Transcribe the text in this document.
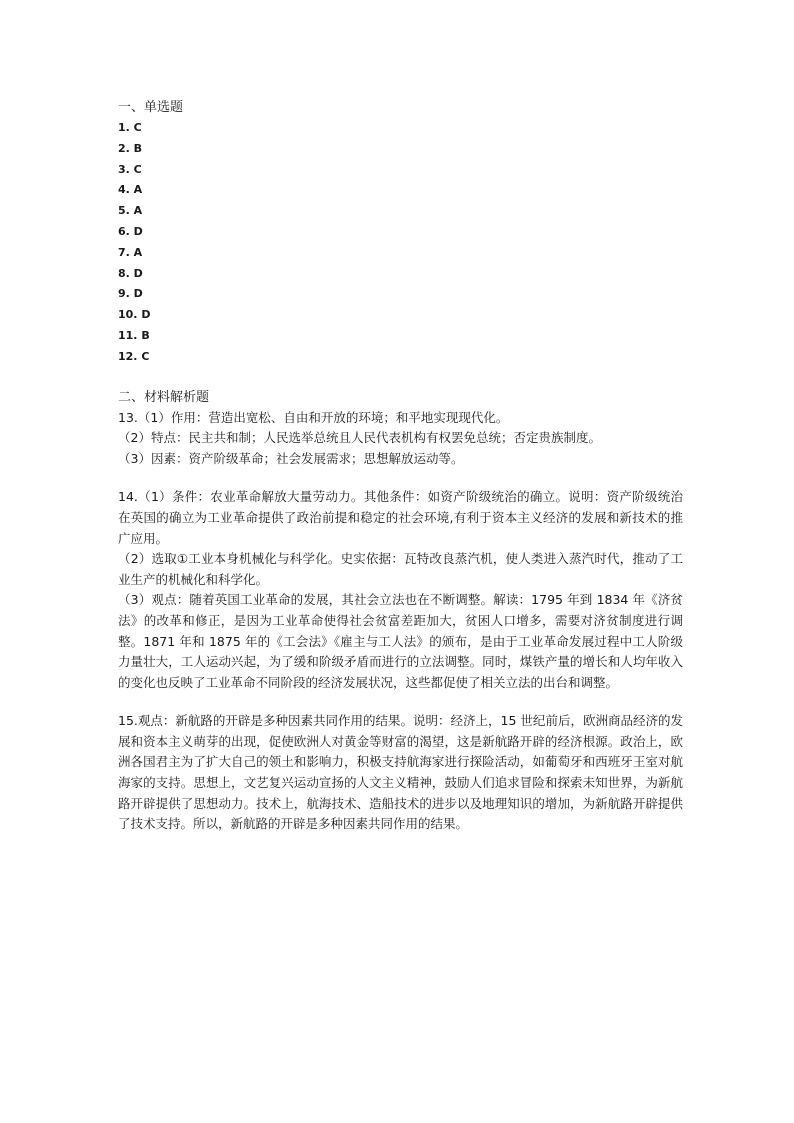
一、单选题

1. C
2. B
3. C
4. A
5. A
6. D
7. A
8. D
9. D
10. D
11. B
12. C

二、材料解析题

13.（1）作用：营造出宽松、自由和开放的环境；和平地实现现代化。
（2）特点：民主共和制；人民选举总统且人民代表机构有权罢免总统；否定贵族制度。
（3）因素：资产阶级革命；社会发展需求；思想解放运动等。
14.（1）条件：农业革命解放大量劳动力。其他条件：如资产阶级统治的确立。说明：资产阶级统治在英国的确立为工业革命提供了政治前提和稳定的社会环境,有利于资本主义经济的发展和新技术的推广应用。
（2）选取①工业本身机械化与科学化。史实依据：瓦特改良蒸汽机，使人类进入蒸汽时代，推动了工业生产的机械化和科学化。
（3）观点：随着英国工业革命的发展，其社会立法也在不断调整。解读：1795 年到 1834 年《济贫法》的改革和修正，是因为工业革命使得社会贫富差距加大，贫困人口增多，需要对济贫制度进行调整。1871 年和 1875 年的《工会法》《雇主与工人法》的颁布，是由于工业革命发展过程中工人阶级力量壮大，工人运动兴起，为了缓和阶级矛盾而进行的立法调整。同时，煤铁产量的增长和人均年收入的变化也反映了工业革命不同阶段的经济发展状况，这些都促使了相关立法的出台和调整。
15.观点：新航路的开辟是多种因素共同作用的结果。说明：经济上，15 世纪前后，欧洲商品经济的发展和资本主义萌芽的出现，促使欧洲人对黄金等财富的渴望，这是新航路开辟的经济根源。政治上，欧洲各国君主为了扩大自己的领土和影响力，积极支持航海家进行探险活动，如葡萄牙和西班牙王室对航海家的支持。思想上，文艺复兴运动宣扬的人文主义精神，鼓励人们追求冒险和探索未知世界，为新航路开辟提供了思想动力。技术上，航海技术、造船技术的进步以及地理知识的增加，为新航路开辟提供了技术支持。所以，新航路的开辟是多种因素共同作用的结果。
